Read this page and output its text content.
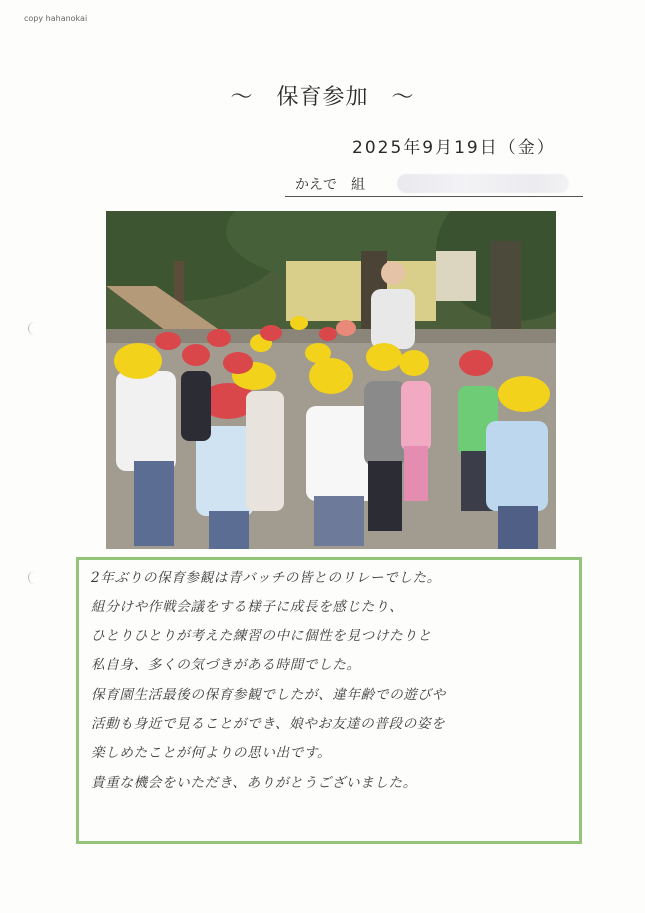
copy hahanokai
～　保育参加　～
2025年9月19日（金）
かえで　組
2年ぶりの保育参観は青バッチの皆とのリレーでした。
組分けや作戦会議をする様子に成長を感じたり、
ひとりひとりが考えた練習の中に個性を見つけたりと
私自身、多くの気づきがある時間でした。
保育園生活最後の保育参観でしたが、違年齢での遊びや
活動も身近で見ることができ、娘やお友達の普段の姿を
楽しめたことが何よりの思い出です。
貴重な機会をいただき、ありがとうございました。
